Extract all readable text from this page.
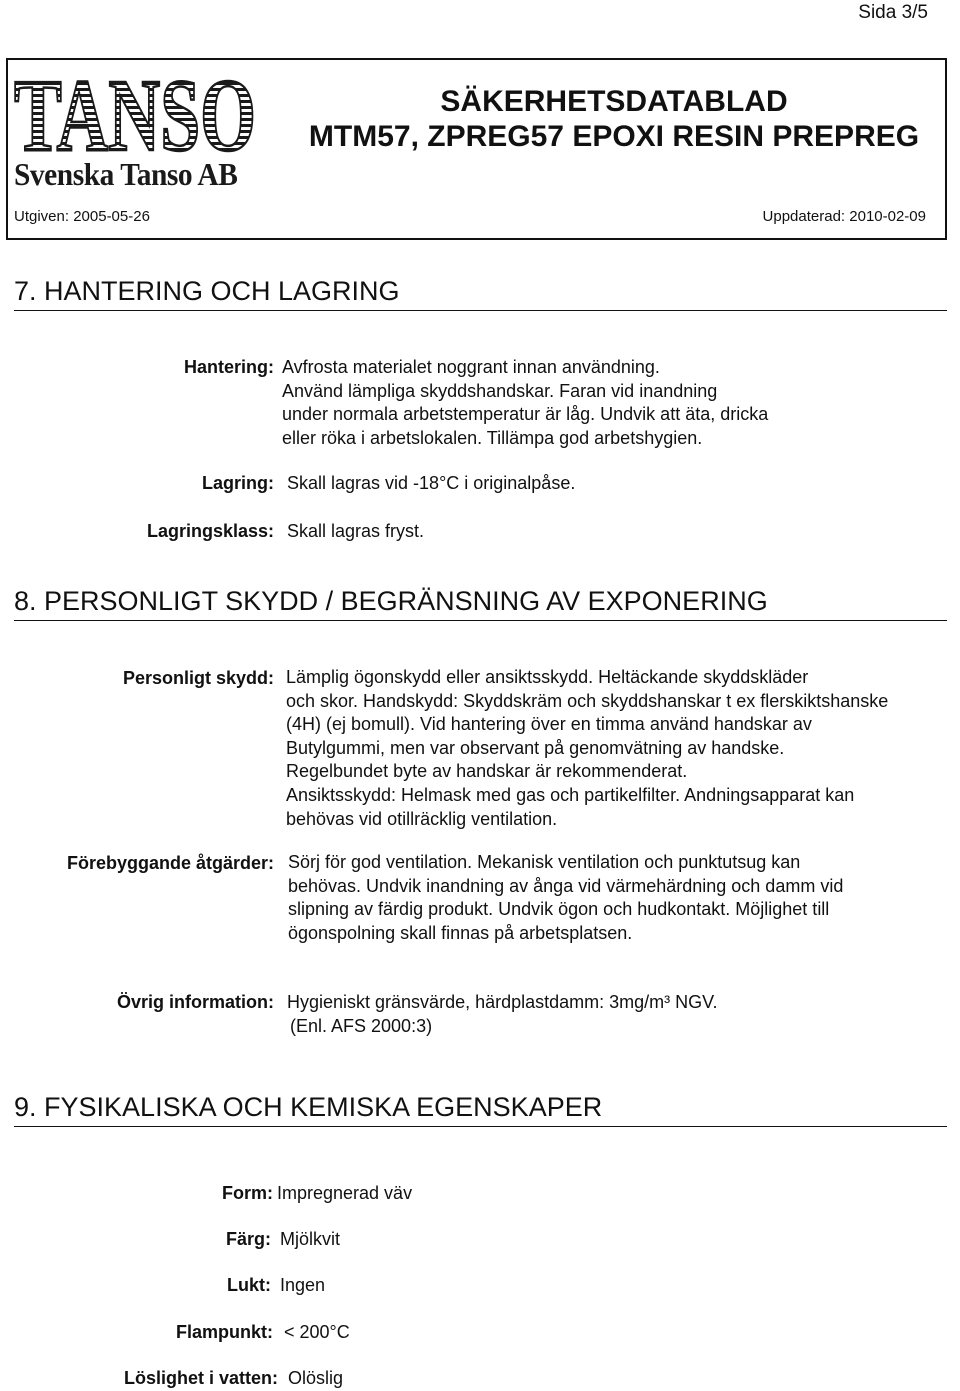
Sida 3/5
TANSO
Svenska Tanso AB
SÄKERHETSDATABLAD
MTM57, ZPREG57 EPOXI RESIN PREPREG
Utgiven: 2005-05-26	Uppdaterad: 2010-02-09
7. HANTERING OCH LAGRING
Hantering: Avfrosta materialet noggrant innan användning.
Använd lämpliga skyddshandskar. Faran vid inandning
under normala arbetstemperatur är låg. Undvik att äta, dricka
eller röka i arbetslokalen. Tillämpa god arbetshygien.
Lagring: Skall lagras vid -18°C i originalpåse.
Lagringsklass: Skall lagras fryst.
8. PERSONLIGT SKYDD / BEGRÄNSNING AV EXPONERING
Personligt skydd: Lämplig ögonskydd eller ansiktsskydd. Heltäckande skyddskläder
och skor. Handskydd: Skyddskräm och skyddshanskar t ex flerskiktshanske
(4H) (ej bomull). Vid hantering över en timma använd handskar av
Butylgummi, men var observant på genomvätning av handske.
Regelbundet byte av handskar är rekommenderat.
Ansiktsskydd: Helmask med gas och partikelfilter. Andningsapparat kan
behövas vid otillräcklig ventilation.
Förebyggande åtgärder: Sörj för god ventilation. Mekanisk ventilation och punktutsug kan
behövas. Undvik inandning av ånga vid värmehärdning och damm vid
slipning av färdig produkt. Undvik ögon och hudkontakt. Möjlighet till
ögonspolning skall finnas på arbetsplatsen.
Övrig information: Hygieniskt gränsvärde, härdplastdamm: 3mg/m³ NGV.
(Enl. AFS 2000:3)
9. FYSIKALISKA OCH KEMISKA EGENSKAPER
Form: Impregnerad väv
Färg: Mjölkvit
Lukt: Ingen
Flampunkt: < 200°C
Löslighet i vatten: Olöslig
